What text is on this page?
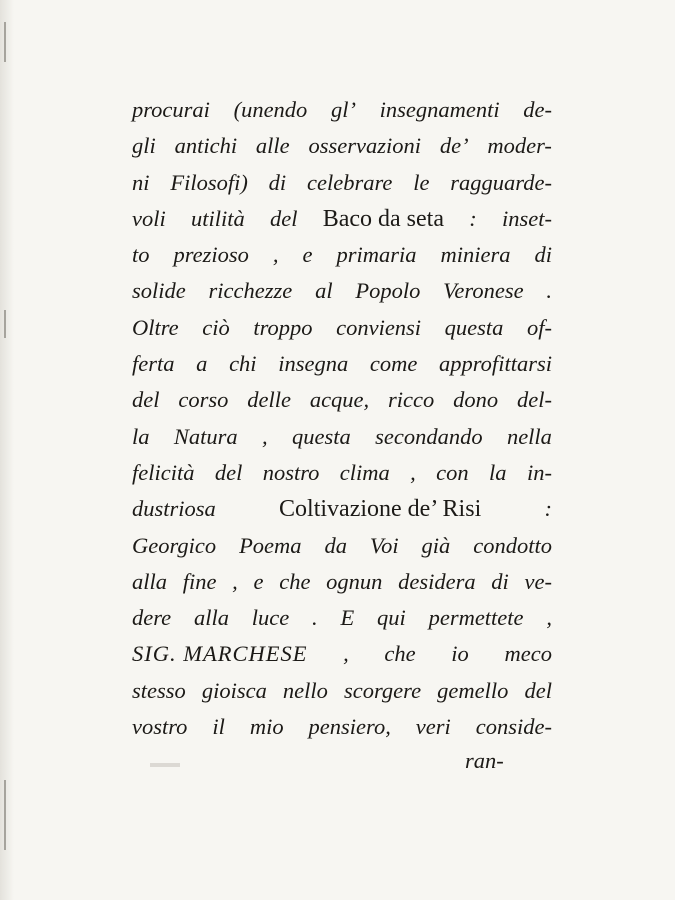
procurai (unendo gl’ insegnamenti de-
gli antichi alle osservazioni de’ moder-
ni Filosofi) di celebrare le ragguarde-
voli utilità del Baco da seta : inset-
to prezioso , e primaria miniera di
solide ricchezze al Popolo Veronese .
Oltre ciò troppo conviensi questa of-
ferta a chi insegna come approfittarsi
del corso delle acque, ricco dono del-
la Natura , questa secondando nella
felicità del nostro clima , con la in-
dustriosa	Coltivazione de’ Risi	:
Georgico Poema da Voi già condotto
alla fine , e che ognun desidera di ve-
dere alla luce . E qui permettete ,
SIG. MARCHESE , che io meco
stesso gioisca nello scorgere gemello del
vostro il mio pensiero, veri conside-
ran-
